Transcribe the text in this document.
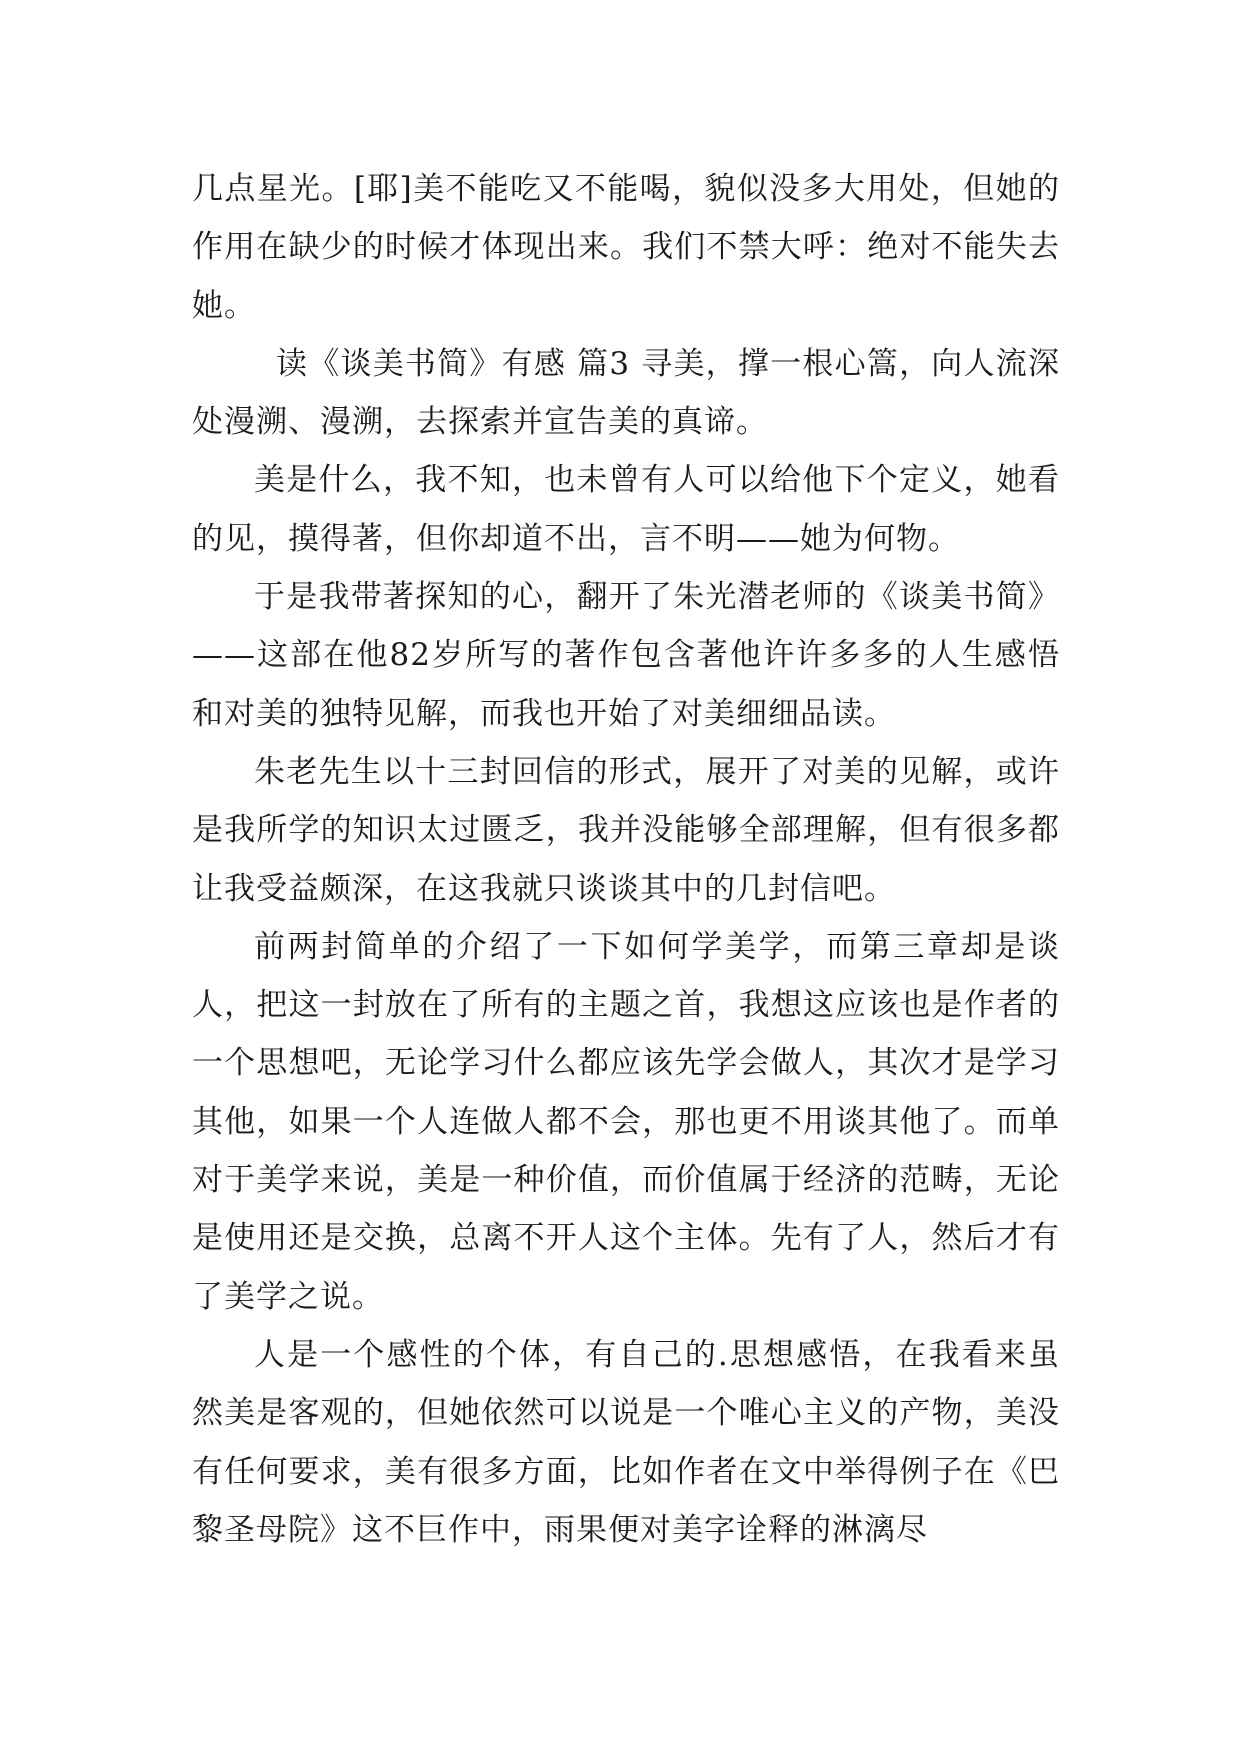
几点星光。[耶]美不能吃又不能喝，貌似没多大用处，但她的作用在缺少的时候才体现出来。我们不禁大呼：绝对不能失去她。

读《谈美书简》有感 篇3 寻美，撑一根心篙，向人流深处漫溯、漫溯，去探索并宣告美的真谛。

美是什么，我不知，也未曾有人可以给他下个定义，她看的见，摸得著，但你却道不出，言不明——她为何物。

于是我带著探知的心，翻开了朱光潜老师的《谈美书简》——这部在他82岁所写的著作包含著他许许多多的人生感悟和对美的独特见解，而我也开始了对美细细品读。

朱老先生以十三封回信的形式，展开了对美的见解，或许是我所学的知识太过匮乏，我并没能够全部理解，但有很多都让我受益颇深，在这我就只谈谈其中的几封信吧。

前两封简单的介绍了一下如何学美学，而第三章却是谈人，把这一封放在了所有的主题之首，我想这应该也是作者的一个思想吧，无论学习什么都应该先学会做人，其次才是学习其他，如果一个人连做人都不会，那也更不用谈其他了。而单对于美学来说，美是一种价值，而价值属于经济的范畴，无论是使用还是交换，总离不开人这个主体。先有了人，然后才有了美学之说。

人是一个感性的个体，有自己的.思想感悟，在我看来虽然美是客观的，但她依然可以说是一个唯心主义的产物，美没有任何要求，美有很多方面，比如作者在文中举得例子在《巴黎圣母院》这不巨作中，雨果便对美字诠释的淋漓尽
